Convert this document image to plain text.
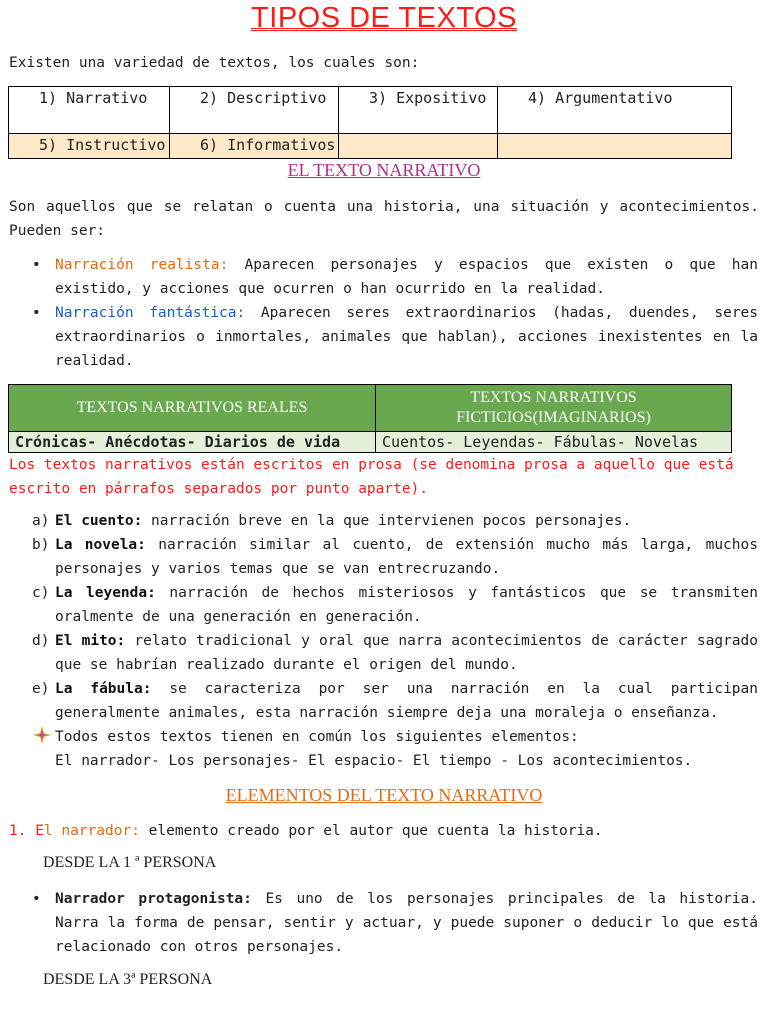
TIPOS DE TEXTOS
Existen una variedad de textos, los cuales son:
1) Narrativo	2) Descriptivo	3) Expositivo	4) Argumentativo
5) Instructivo	6) Informativos		
EL TEXTO NARRATIVO
Son aquellos que se relatan o cuenta una historia, una situación y acontecimientos. Pueden ser:
• Narración realista: Aparecen personajes y espacios que existen o que han existido, y acciones que ocurren o han ocurrido en la realidad.
• Narración fantástica: Aparecen seres extraordinarios (hadas, duendes, seres extraordinarios o inmortales, animales que hablan), acciones inexistentes en la realidad.
TEXTOS NARRATIVOS REALES	TEXTOS NARRATIVOS FICTICIOS(IMAGINARIOS)
Crónicas- Anécdotas- Diarios de vida	Cuentos- Leyendas- Fábulas- Novelas
Los textos narrativos están escritos en prosa (se denomina prosa a aquello que está escrito en párrafos separados por punto aparte).
a) El cuento: narración breve en la que intervienen pocos personajes.
b) La novela: narración similar al cuento, de extensión mucho más larga, muchos personajes y varios temas que se van entrecruzando.
c) La leyenda: narración de hechos misteriosos y fantásticos que se transmiten oralmente de una generación en generación.
d) El mito: relato tradicional y oral que narra acontecimientos de carácter sagrado que se habrían realizado durante el origen del mundo.
e) La fábula: se caracteriza por ser una narración en la cual participan generalmente animales, esta narración siempre deja una moraleja o enseñanza.
Todos estos textos tienen en común los siguientes elementos:
El narrador- Los personajes- El espacio- El tiempo - Los acontecimientos.
ELEMENTOS DEL TEXTO NARRATIVO
1. El narrador: elemento creado por el autor que cuenta la historia.
DESDE LA 1 ª PERSONA
• Narrador protagonista: Es uno de los personajes principales de la historia. Narra la forma de pensar, sentir y actuar, y puede suponer o deducir lo que está relacionado con otros personajes.
DESDE LA 3ª PERSONA
